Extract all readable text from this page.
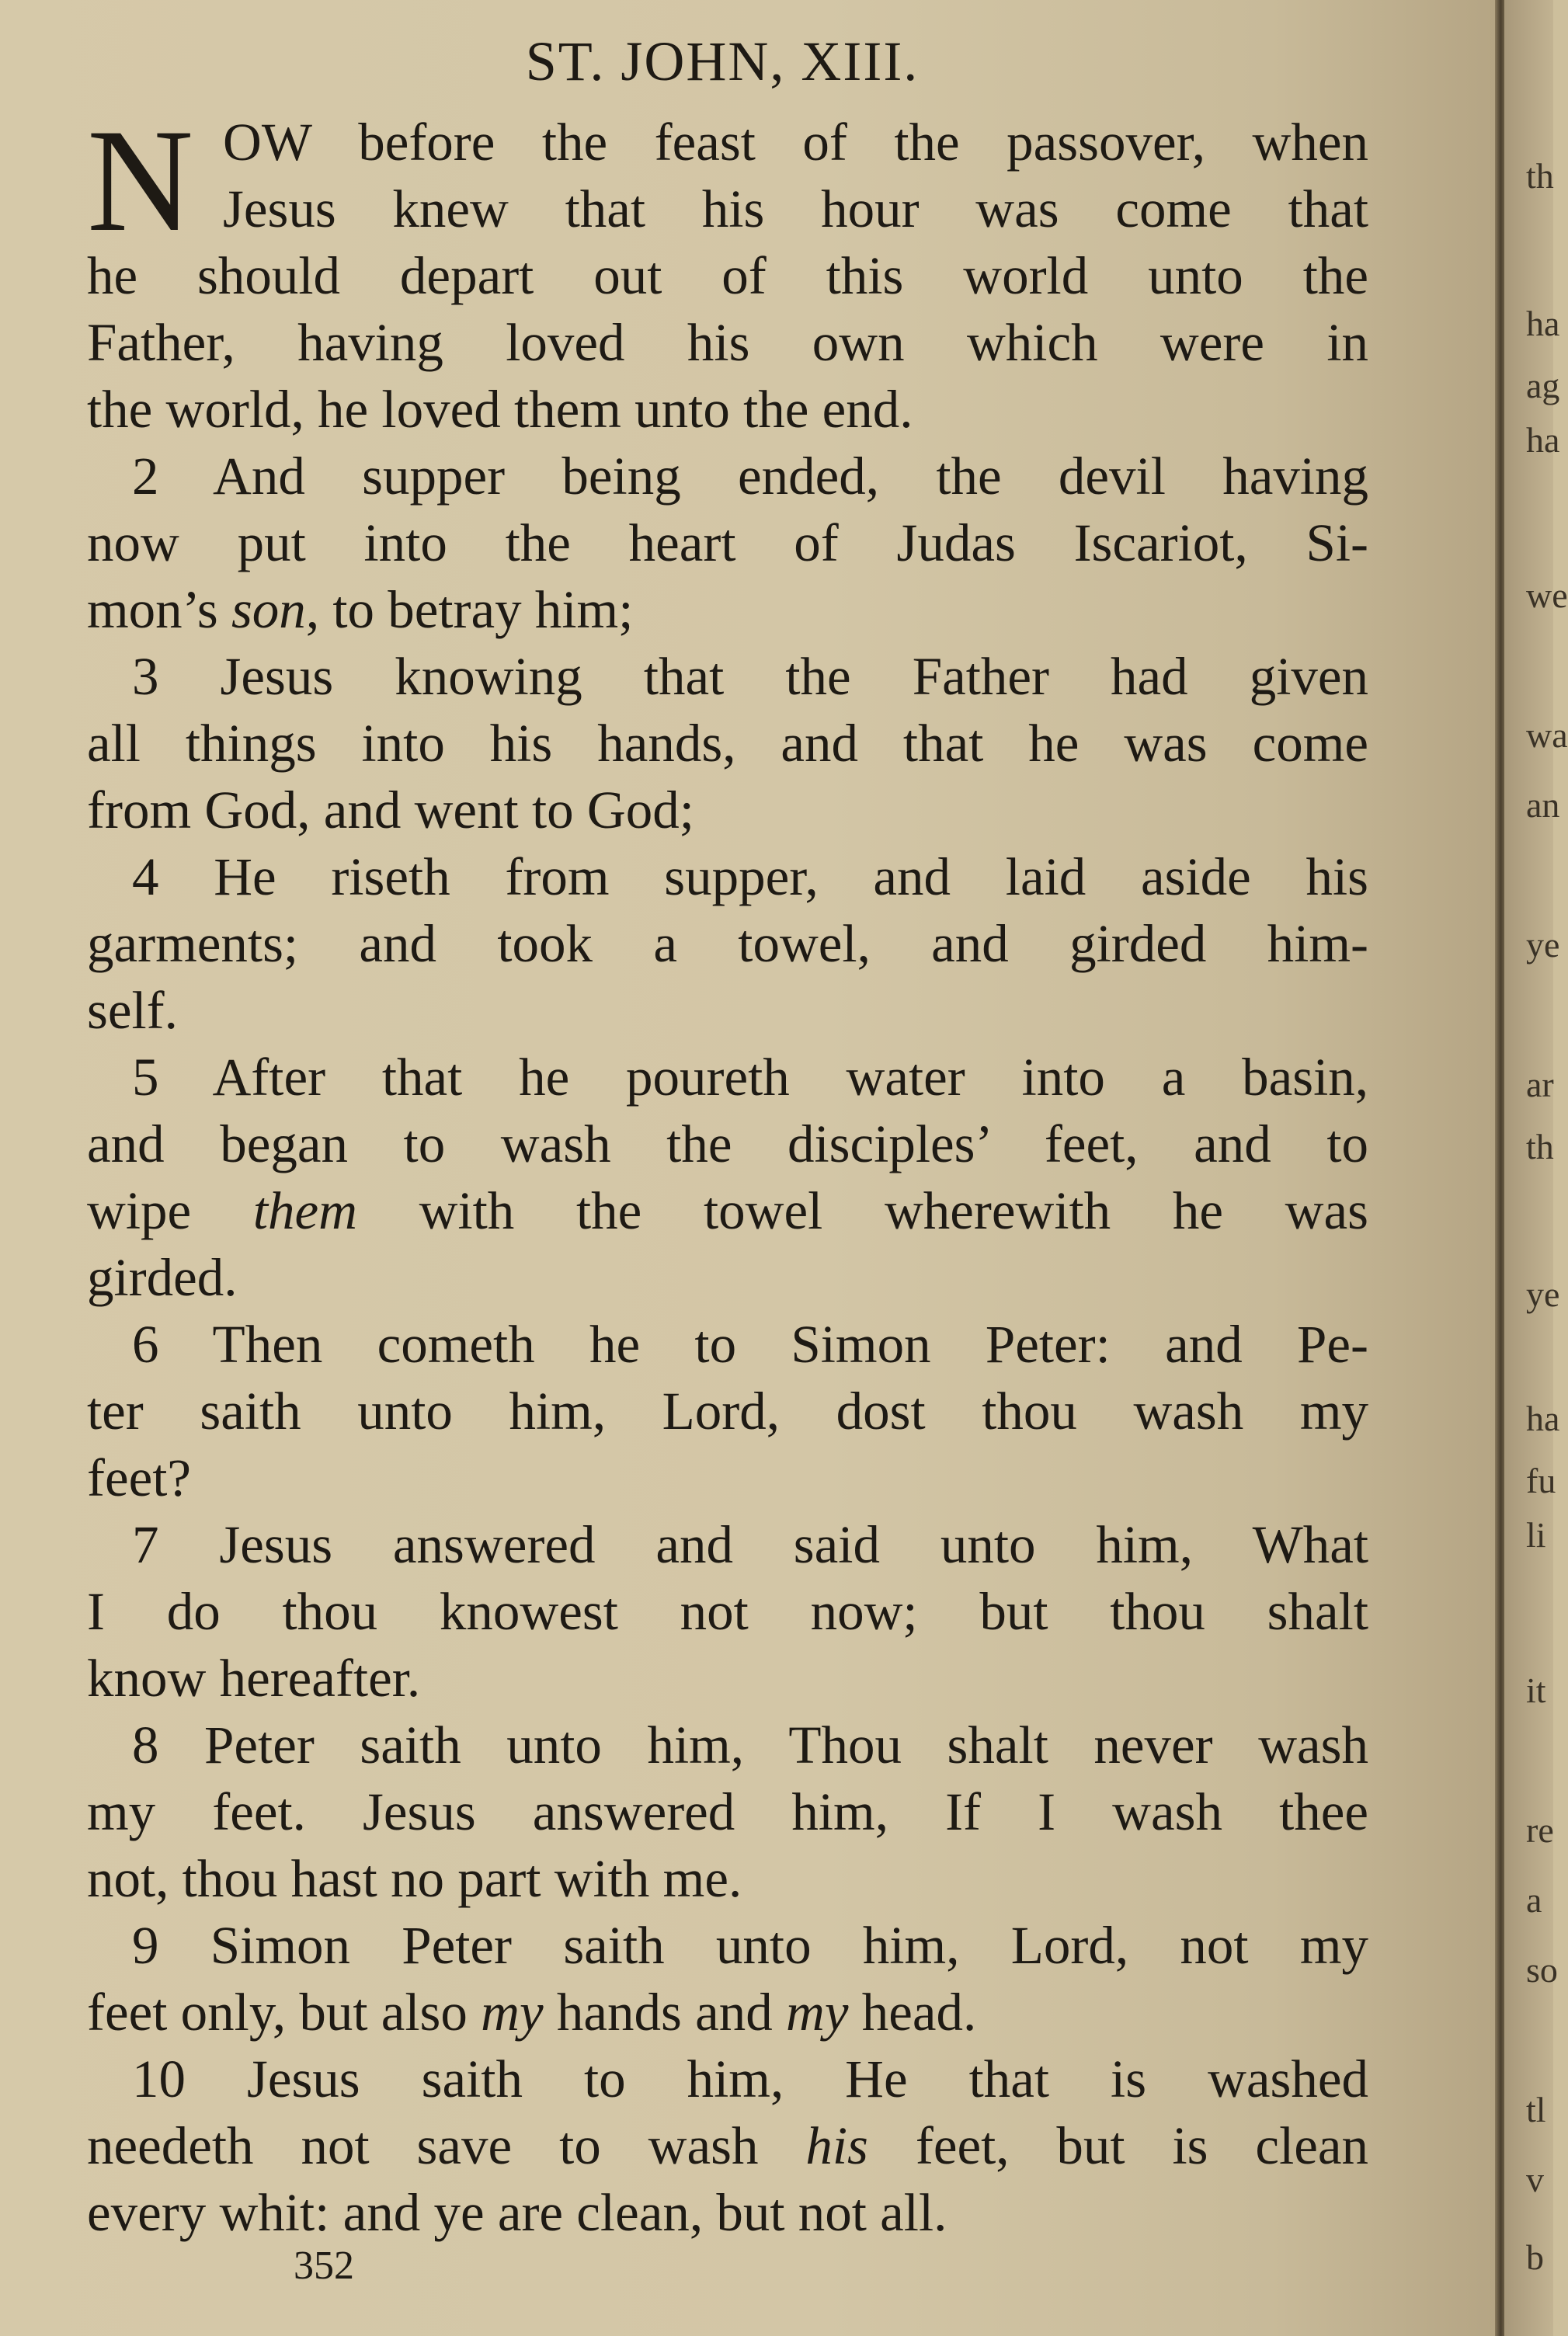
ST. JOHN, XIII.
N OW before the feast of the passover, when
Jesus knew that his hour was come that
he should depart out of this world unto the
Father, having loved his own which were in
the world, he loved them unto the end.
2 And supper being ended, the devil having
now put into the heart of Judas Iscariot, Si-
mon’s son, to betray him;
3 Jesus knowing that the Father had given
all things into his hands, and that he was come
from God, and went to God;
4 He riseth from supper, and laid aside his
garments; and took a towel, and girded him-
self.
5 After that he poureth water into a basin,
and began to wash the disciples’ feet, and to
wipe them with the towel wherewith he was
girded.
6 Then cometh he to Simon Peter: and Pe-
ter saith unto him, Lord, dost thou wash my
feet?
7 Jesus answered and said unto him, What
I do thou knowest not now; but thou shalt
know hereafter.
8 Peter saith unto him, Thou shalt never wash
my feet. Jesus answered him, If I wash thee
not, thou hast no part with me.
9 Simon Peter saith unto him, Lord, not my
feet only, but also my hands and my head.
10 Jesus saith to him, He that is washed
needeth not save to wash his feet, but is clean
every whit: and ye are clean, but not all.
352
th
ha
ag
ha
we
wa
an
ye
ar
th
ye
ha
fu
li
it
re
a
so
tl
v
b
